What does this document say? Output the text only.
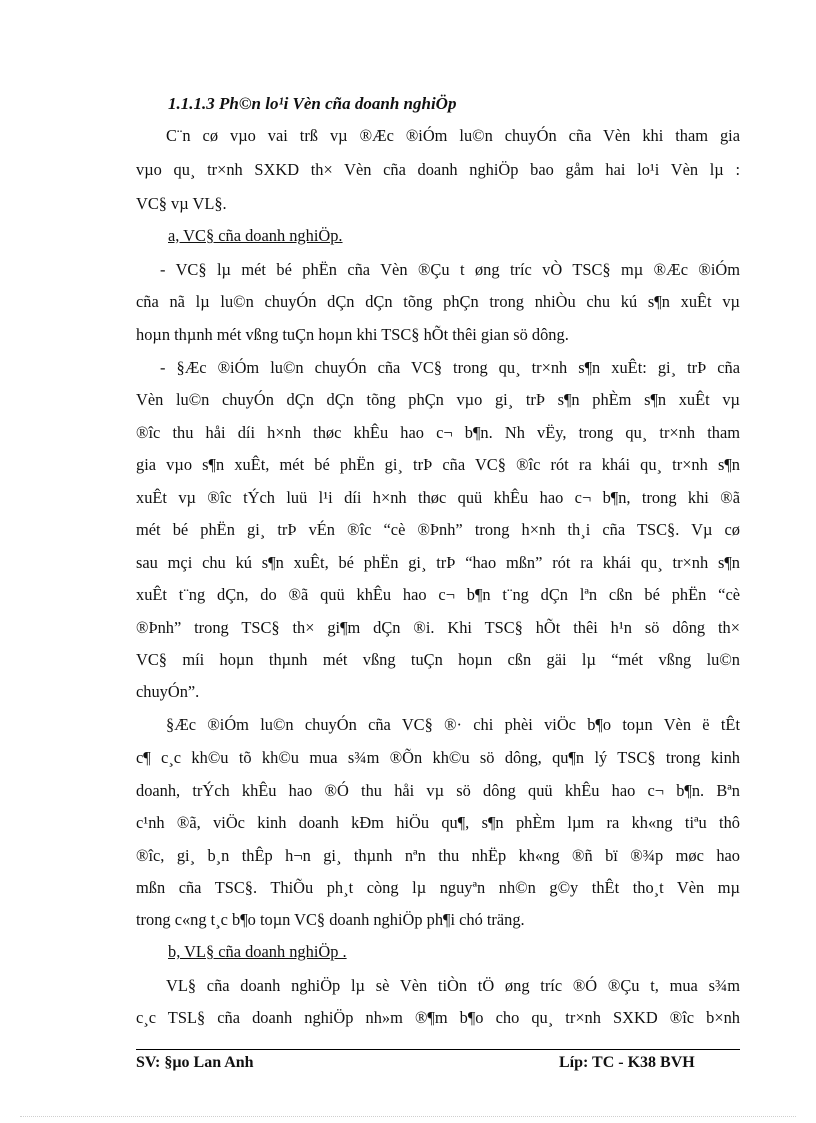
1.1.1.3 Ph©n lo¹i Vèn cña doanh nghiÖp
C¨n cø vµo vai trß vµ ®Æc ®iÓm lu©n chuyÓn cña Vèn khi tham gia
vµo qu¸ tr×nh SXKD th× Vèn cña doanh nghiÖp bao gåm hai lo¹i Vèn lµ :
VC§ vµ VL§.
a, VC§ cña doanh nghiÖp.
- VC§ lµ mét bé phËn cña Vèn ®Çu t øng tríc vÒ TSC§ mµ ®Æc ®iÓm
cña nã lµ lu©n chuyÓn dÇn dÇn tõng phÇn trong nhiÒu chu kú s¶n xuÊt vµ
hoµn thµnh mét vßng tuÇn hoµn khi TSC§ hÕt thêi gian sö dông.
- §Æc ®iÓm lu©n chuyÓn cña VC§ trong qu¸ tr×nh s¶n xuÊt: gi¸ trÞ cña
Vèn lu©n chuyÓn dÇn dÇn tõng phÇn vµo gi¸ trÞ s¶n phÈm s¶n xuÊt vµ
®îc thu håi díi h×nh thøc khÊu hao c¬ b¶n. Nh vËy, trong qu¸ tr×nh tham
gia vµo s¶n xuÊt, mét bé phËn gi¸ trÞ cña VC§ ®îc rót ra khái qu¸ tr×nh s¶n
xuÊt vµ ®îc tÝch luü l¹i díi h×nh thøc quü khÊu hao c¬ b¶n, trong khi ®ã
mét bé phËn gi¸ trÞ vÉn ®îc “cè ®Þnh” trong h×nh th¸i cña TSC§. Vµ cø
sau mçi chu kú s¶n xuÊt, bé phËn gi¸ trÞ “hao mßn” rót ra khái qu¸ tr×nh s¶n
xuÊt t¨ng dÇn, do ®ã quü khÊu hao c¬ b¶n t¨ng dÇn lªn cßn bé phËn “cè
®Þnh” trong TSC§ th× gi¶m dÇn ®i. Khi TSC§ hÕt thêi h¹n sö dông th×
VC§ míi hoµn thµnh mét vßng tuÇn hoµn cßn gäi lµ “mét vßng lu©n
chuyÓn”.
§Æc ®iÓm lu©n chuyÓn cña VC§ ®· chi phèi viÖc b¶o toµn Vèn ë tÊt
c¶ c¸c kh©u tõ kh©u mua s¾m ®Õn kh©u sö dông, qu¶n lý TSC§ trong kinh
doanh, trÝch khÊu hao ®Ó thu håi vµ sö dông quü khÊu hao c¬ b¶n. Bªn
c¹nh ®ã, viÖc kinh doanh kÐm hiÖu qu¶, s¶n phÈm lµm ra kh«ng tiªu thô
®îc, gi¸ b¸n thÊp h¬n gi¸ thµnh nªn thu nhËp kh«ng ®ñ bï ®¾p møc hao
mßn cña TSC§. ThiÕu ph¸t còng lµ nguyªn nh©n g©y thÊt tho¸t Vèn mµ
trong c«ng t¸c b¶o toµn VC§ doanh nghiÖp ph¶i chó träng.
b, VL§ cña doanh nghiÖp .
VL§ cña doanh nghiÖp lµ sè Vèn tiÒn tÖ øng tríc ®Ó ®Çu t, mua s¾m
c¸c TSL§ cña doanh nghiÖp nh»m ®¶m b¶o cho qu¸ tr×nh SXKD ®îc b×nh
SV: §µo Lan Anh	Líp: TC - K38 BVH
